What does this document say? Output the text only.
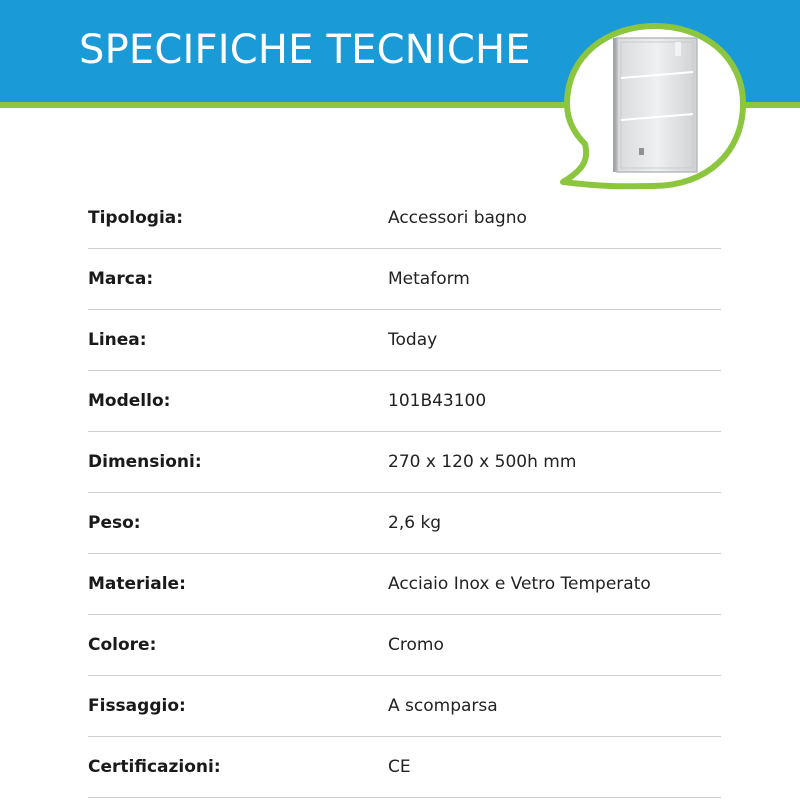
SPECIFICHE TECNICHE
Tipologia:	Accessori bagno
Marca:	Metaform
Linea:	Today
Modello:	101B43100
Dimensioni:	270 x 120 x 500h mm
Peso:	2,6 kg
Materiale:	Acciaio Inox e Vetro Temperato
Colore:	Cromo
Fissaggio:	A scomparsa
Certificazioni:	CE
